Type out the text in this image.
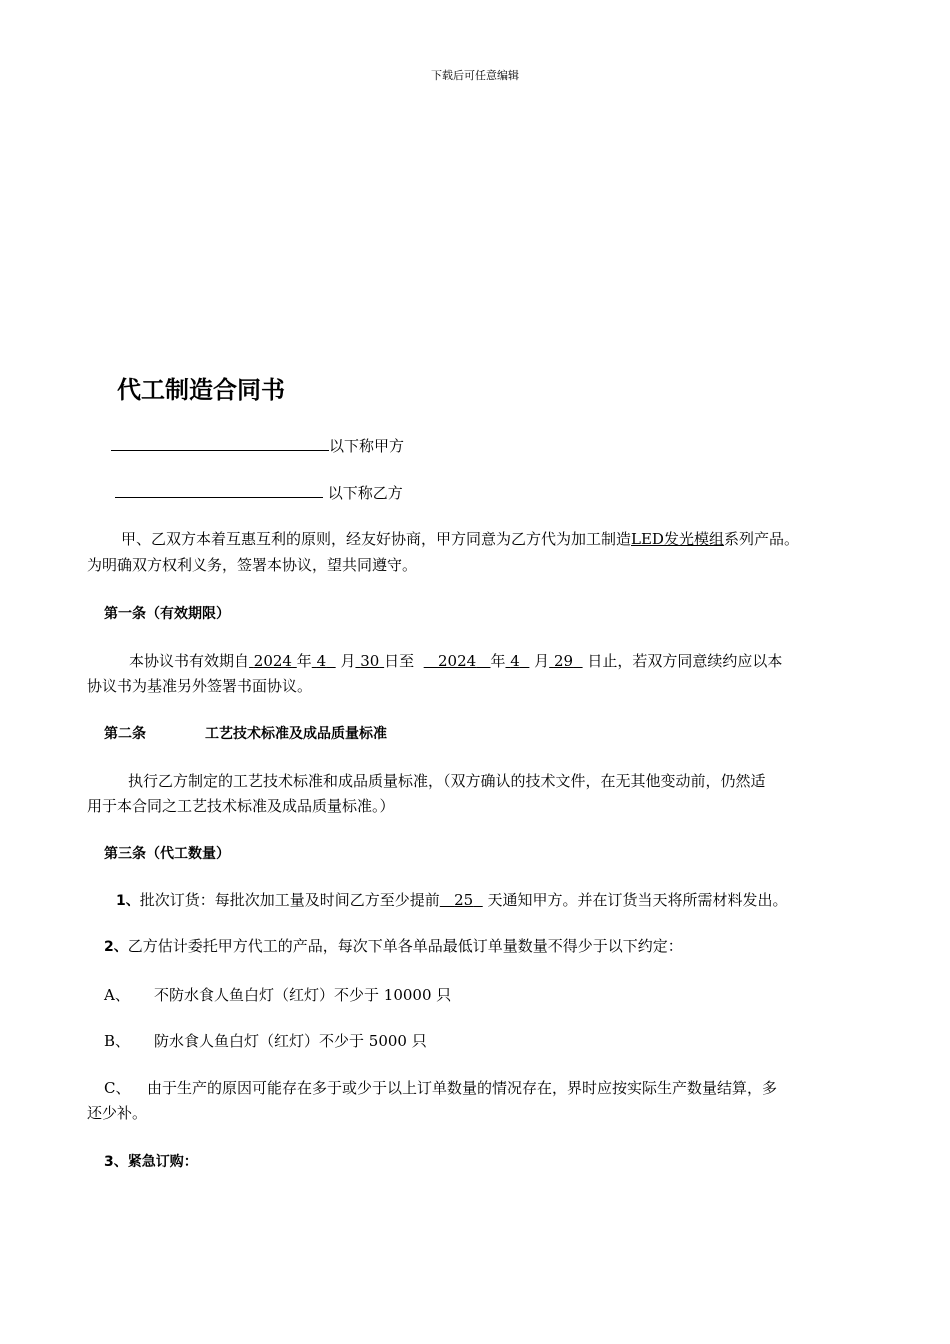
下载后可任意编辑
代工制造合同书
以下称甲方
以下称乙方
甲、乙双方本着互惠互利的原则，经友好协商，甲方同意为乙方代为加工制造LED发光模组系列产品。
为明确双方权利义务，签署本协议，望共同遵守。
第一条（有效期限）
本协议书有效期自 2024 年 4 月 30 日至 2024 年 4 月 29 日止，若双方同意续约应以本
协议书为基准另外签署书面协议。
第二条	工艺技术标准及成品质量标准
执行乙方制定的工艺技术标准和成品质量标准，（双方确认的技术文件，在无其他变动前，仍然适
用于本合同之工艺技术标准及成品质量标准。）
第三条（代工数量）
1、批次订货：每批次加工量及时间乙方至少提前 25 天通知甲方。并在订货当天将所需材料发出。
2、乙方估计委托甲方代工的产品，每次下单各单品最低订单量数量不得少于以下约定：
A、 不防水食人鱼白灯（红灯）不少于 10000 只
B、 防水食人鱼白灯（红灯）不少于 5000 只
C、 由于生产的原因可能存在多于或少于以上订单数量的情况存在，界时应按实际生产数量结算，多
还少补。
3、紧急订购：
